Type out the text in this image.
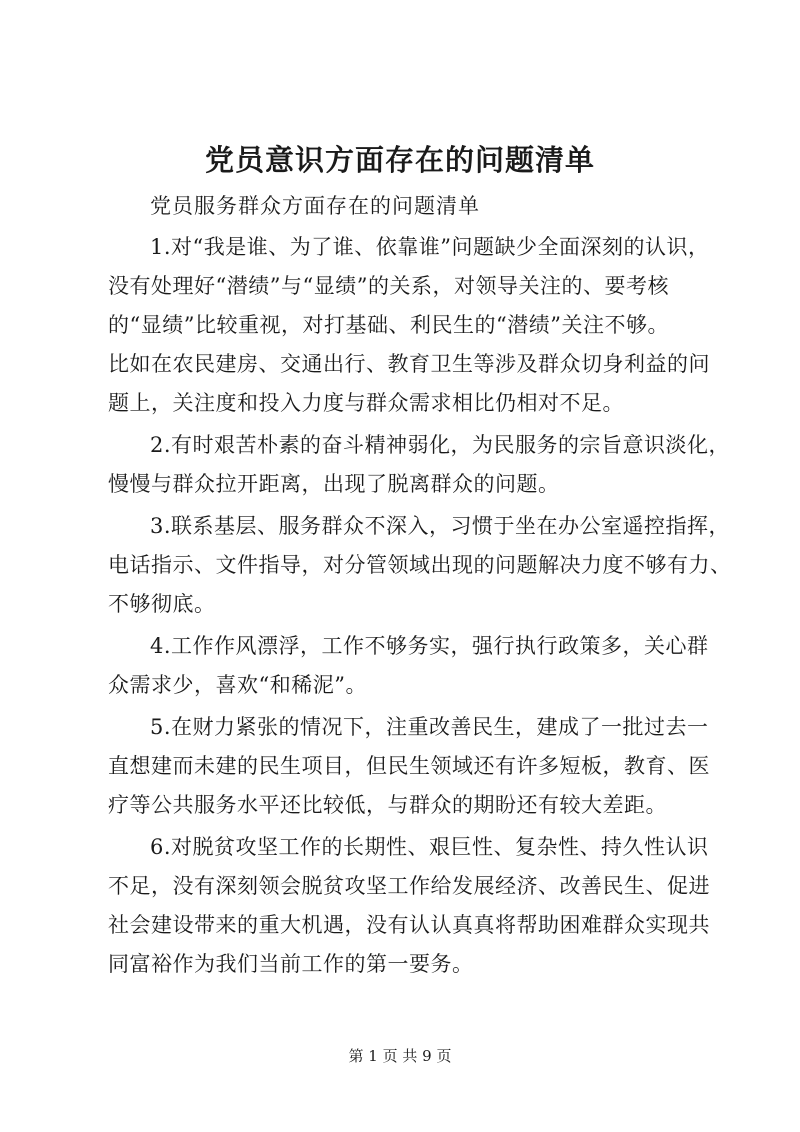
党员意识方面存在的问题清单
党员服务群众方面存在的问题清单
1.对“我是谁、为了谁、依靠谁”问题缺少全面深刻的认识，
没有处理好“潜绩”与“显绩”的关系，对领导关注的、要考核
的“显绩”比较重视，对打基础、利民生的“潜绩”关注不够。
比如在农民建房、交通出行、教育卫生等涉及群众切身利益的问
题上，关注度和投入力度与群众需求相比仍相对不足。
2.有时艰苦朴素的奋斗精神弱化，为民服务的宗旨意识淡化，
慢慢与群众拉开距离，出现了脱离群众的问题。
3.联系基层、服务群众不深入，习惯于坐在办公室遥控指挥，
电话指示、文件指导，对分管领域出现的问题解决力度不够有力、
不够彻底。
4.工作作风漂浮，工作不够务实，强行执行政策多，关心群
众需求少，喜欢“和稀泥”。
5.在财力紧张的情况下，注重改善民生，建成了一批过去一
直想建而未建的民生项目，但民生领域还有许多短板，教育、医
疗等公共服务水平还比较低，与群众的期盼还有较大差距。
6.对脱贫攻坚工作的长期性、艰巨性、复杂性、持久性认识
不足，没有深刻领会脱贫攻坚工作给发展经济、改善民生、促进
社会建设带来的重大机遇，没有认认真真将帮助困难群众实现共
同富裕作为我们当前工作的第一要务。
第 1 页 共 9 页
